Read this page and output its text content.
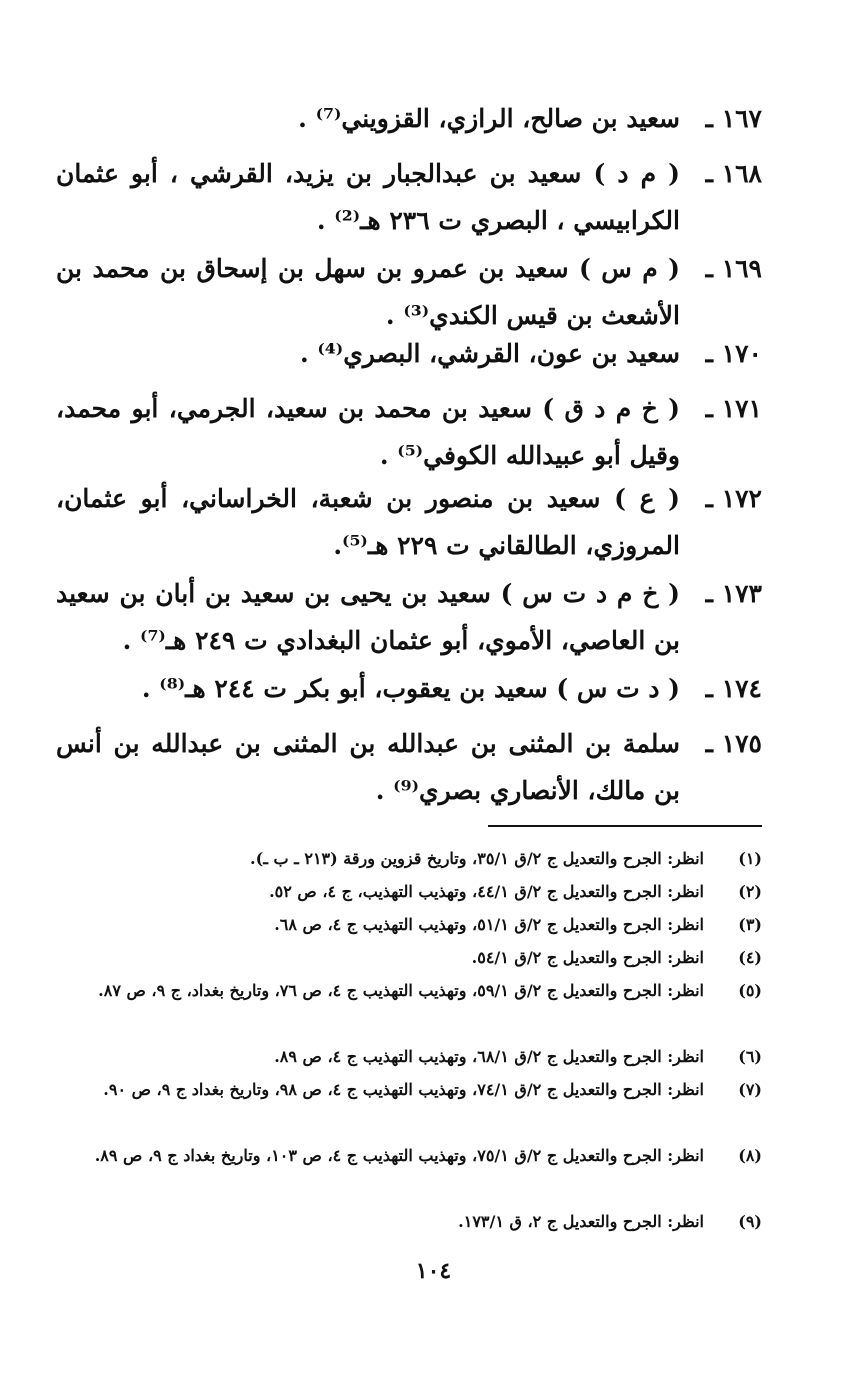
١٦٧ ـ
سعيد بن صالح، الرازي، القزويني⁽⁷⁾ .
١٦٨ ـ
( م د ) سعيد بن عبدالجبار بن يزيد، القرشي ، أبو عثمان الكرابيسي ، البصري ت ٢٣٦ هـ⁽²⁾ .
١٦٩ ـ
( م س ) سعيد بن عمرو بن سهل بن إسحاق بن محمد بن الأشعث بن قيس الكندي⁽³⁾ .
١٧٠ ـ
سعيد بن عون، القرشي، البصري⁽⁴⁾ .
١٧١ ـ
( خ م د ق ) سعيد بن محمد بن سعيد، الجرمي، أبو محمد، وقيل أبو عبيدالله الكوفي⁽⁵⁾ .
١٧٢ ـ
( ع ) سعيد بن منصور بن شعبة، الخراساني، أبو عثمان، المروزي، الطالقاني ت ٢٢٩ هـ⁽⁵⁾.
١٧٣ ـ
( خ م د ت س ) سعيد بن يحيى بن سعيد بن أبان بن سعيد بن العاصي، الأموي، أبو عثمان البغدادي ت ٢٤٩ هـ⁽⁷⁾ .
١٧٤ ـ
( د ت س ) سعيد بن يعقوب، أبو بكر ت ٢٤٤ هـ⁽⁸⁾ .
١٧٥ ـ
سلمة بن المثنى بن عبدالله بن المثنى بن عبدالله بن أنس بن مالك، الأنصاري بصري⁽⁹⁾ .
(١)
انظر: الجرح والتعديل ج ٢/ق ٣٥/١، وتاريخ قزوين ورقة (٢١٣ ـ ب ـ).
(٢)
انظر: الجرح والتعديل ج ٢/ق ٤٤/١، وتهذيب التهذيب، ج ٤، ص ٥٢.
(٣)
انظر: الجرح والتعديل ج ٢/ق ٥١/١، وتهذيب التهذيب ج ٤، ص ٦٨.
(٤)
انظر: الجرح والتعديل ج ٢/ق ٥٤/١.
(٥)
انظر: الجرح والتعديل ج ٢/ق ٥٩/١، وتهذيب التهذيب ج ٤، ص ٧٦، وتاريخ بغداد، ج ٩، ص ٨٧.
(٦)
انظر: الجرح والتعديل ج ٢/ق ٦٨/١، وتهذيب التهذيب ج ٤، ص ٨٩.
(٧)
انظر: الجرح والتعديل ج ٢/ق ٧٤/١، وتهذيب التهذيب ج ٤، ص ٩٨، وتاريخ بغداد ج ٩، ص ٩٠.
(٨)
انظر: الجرح والتعديل ج ٢/ق ٧٥/١، وتهذيب التهذيب ج ٤، ص ١٠٣، وتاريخ بغداد ج ٩، ص ٨٩.
(٩)
انظر: الجرح والتعديل ج ٢، ق ١٧٣/١.
١٠٤
